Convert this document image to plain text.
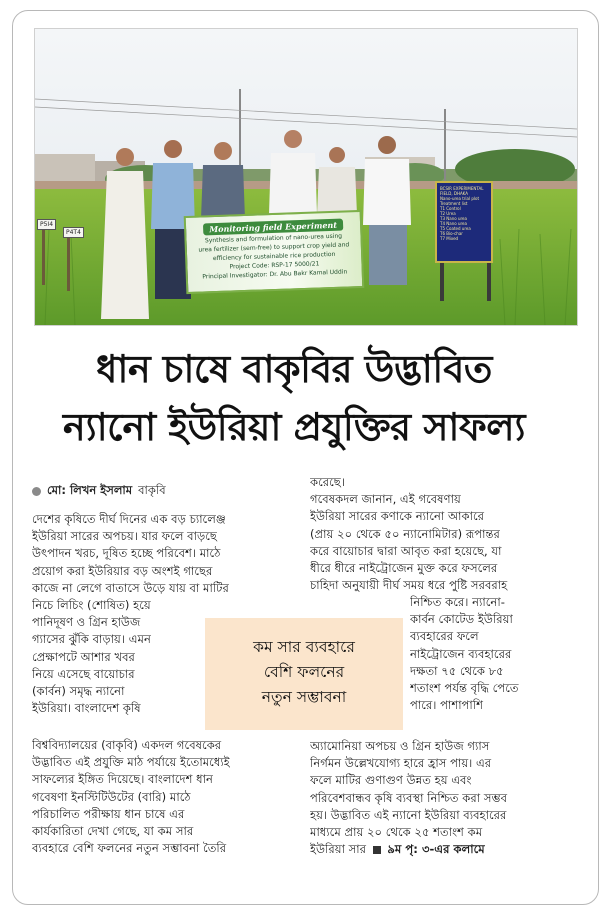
Monitoring field Experiment
Synthesis and formulation of nano-urea using
urea fertilizer (sem-free) to support crop yield and
efficiency for sustainable rice production
Project Code: RSP-17 5000/21
Principal Investigator: Dr. Abu Bakr Kamal Uddin
BCSIR EXPERIMENTAL
FIELD, DHAKA
Nano-urea trial plot
Treatment list
T1 Control
T2 Urea
T3 Nano urea
T4 Nano urea
T5 Coated urea
T6 Bio-char
T7 Mixed
P5I4
P4T4
ধান চাষে বাকৃবির উদ্ভাবিত
ন্যানো ইউরিয়া প্রযুক্তির সাফল্য
মো: লিখন ইসলাম বাকৃবি
দেশের কৃষিতে দীর্ঘ দিনের এক বড় চ্যালেঞ্জ
ইউরিয়া সারের অপচয়। যার ফলে বাড়ছে
উৎপাদন খরচ, দূষিত হচ্ছে পরিবেশ। মাঠে
প্রয়োগ করা ইউরিয়ার বড় অংশই গাছের
কাজে না লেগে বাতাসে উড়ে যায় বা মাটির
নিচে লিচিং (শোষিত) হয়ে
পানিদূষণ ও গ্রিন হাউজ
গ্যাসের ঝুঁকি বাড়ায়। এমন
প্রেক্ষাপটে আশার খবর
নিয়ে এসেছে বায়োচার
(কার্বন) সমৃদ্ধ ন্যানো
ইউরিয়া। বাংলাদেশ কৃষি
বিশ্ববিদ্যালয়ের (বাকৃবি) একদল গবেষকের
উদ্ভাবিত এই প্রযুক্তি মাঠ পর্যায়ে ইতোমধ্যেই
সাফল্যের ইঙ্গিত দিয়েছে। বাংলাদেশ ধান
গবেষণা ইনস্টিটিউটের (বারি) মাঠে
পরিচালিত পরীক্ষায় ধান চাষে এর
কার্যকারিতা দেখা গেছে, যা কম সার
ব্যবহারে বেশি ফলনের নতুন সম্ভাবনা তৈরি
করেছে।
গবেষকদল জানান, এই গবেষণায়
ইউরিয়া সারের কণাকে ন্যানো আকারে
(প্রায় ২০ থেকে ৫০ ন্যানোমিটার) রূপান্তর
করে বায়োচার দ্বারা আবৃত করা হয়েছে, যা
ধীরে ধীরে নাইট্রোজেন মুক্ত করে ফসলের
চাহিদা অনুযায়ী দীর্ঘ সময় ধরে পুষ্টি সরবরাহ
নিশ্চিত করে। ন্যানো-
কার্বন কোটেড ইউরিয়া
ব্যবহারের ফলে
নাইট্রোজেন ব্যবহারের
দক্ষতা ৭৫ থেকে ৮৫
শতাংশ পর্যন্ত বৃদ্ধি পেতে
পারে। পাশাপাশি
অ্যামোনিয়া অপচয় ও গ্রিন হাউজ গ্যাস
নির্গমন উল্লেখযোগ্য হারে হ্রাস পায়। এর
ফলে মাটির গুণাগুণ উন্নত হয় এবং
পরিবেশবান্ধব কৃষি ব্যবস্থা নিশ্চিত করা সম্ভব
হয়। উদ্ভাবিত এই ন্যানো ইউরিয়া ব্যবহারের
মাধ্যমে প্রায় ২০ থেকে ২৫ শতাংশ কম
ইউরিয়া সার ৯ম পৃ: ৩-এর কলামে
কম সার ব্যবহারে
বেশি ফলনের
নতুন সম্ভাবনা
